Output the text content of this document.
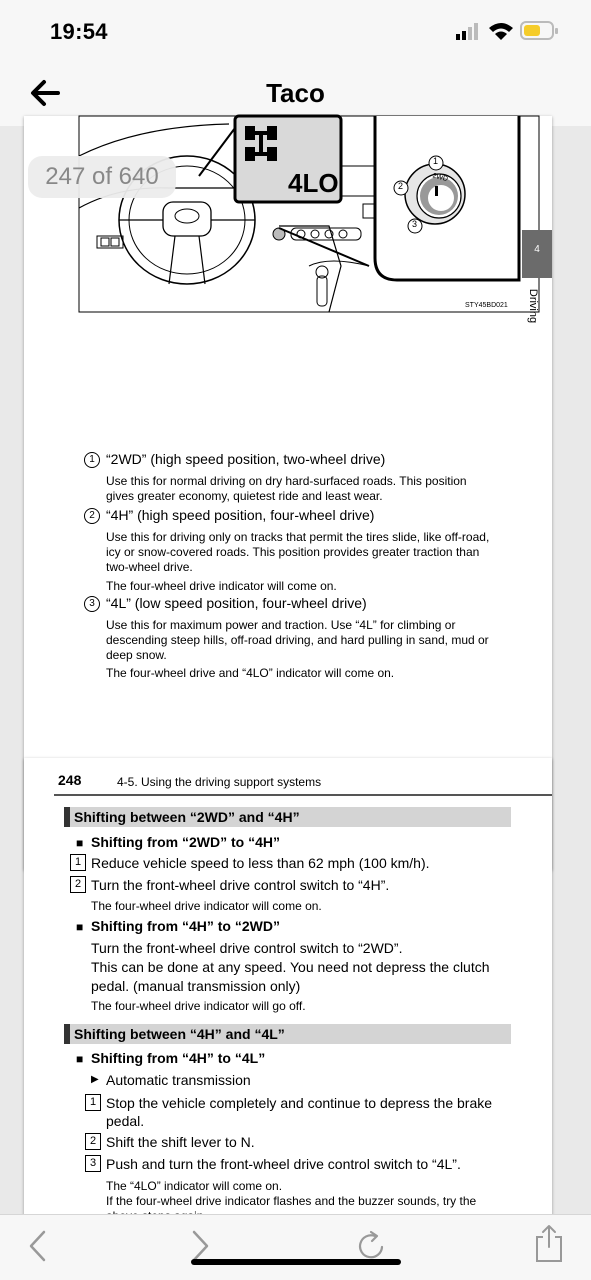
19:54
Taco
2WD
4LO
STY45BD021
1
2
3
1 “2WD” (high speed position, two-wheel drive)
Use this for normal driving on dry hard-surfaced roads. This position
gives greater economy, quietest ride and least wear.
2 “4H” (high speed position, four-wheel drive)
Use this for driving only on tracks that permit the tires slide, like off-road,
icy or snow-covered roads. This position provides greater traction than
two-wheel drive.
The four-wheel drive indicator will come on.
3 “4L” (low speed position, four-wheel drive)
Use this for maximum power and traction. Use “4L” for climbing or
descending steep hills, off-road driving, and hard pulling in sand, mud or
deep snow.
The four-wheel drive and “4LO” indicator will come on.
4
Driving
247 of 640
248	4-5. Using the driving support systems
Shifting between “2WD” and “4H”
■ Shifting from “2WD” to “4H”
1 Reduce vehicle speed to less than 62 mph (100 km/h).
2 Turn the front-wheel drive control switch to “4H”.
The four-wheel drive indicator will come on.
■ Shifting from “4H” to “2WD”
Turn the front-wheel drive control switch to “2WD”.
This can be done at any speed. You need not depress the clutch
pedal. (manual transmission only)
The four-wheel drive indicator will go off.
Shifting between “4H” and “4L”
■ Shifting from “4H” to “4L”
▶ Automatic transmission
1 Stop the vehicle completely and continue to depress the brake
pedal.
2 Shift the shift lever to N.
3 Push and turn the front-wheel drive control switch to “4L”.
The “4LO” indicator will come on.
If the four-wheel drive indicator flashes and the buzzer sounds, try the
